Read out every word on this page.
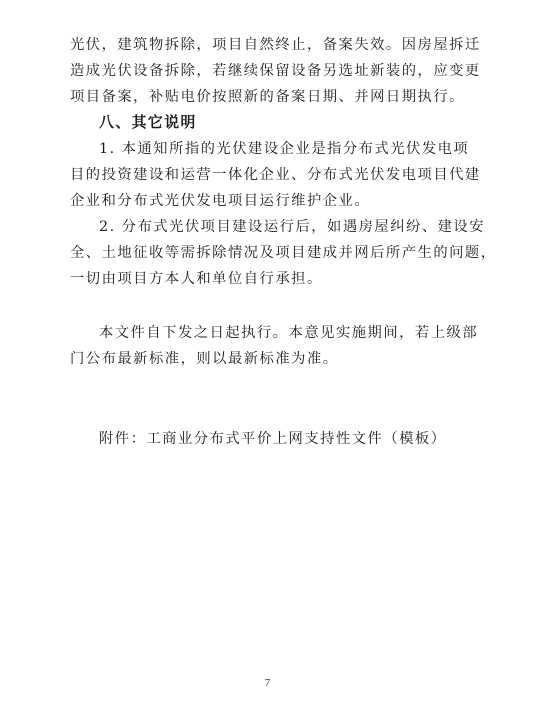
光伏，建筑物拆除，项目自然终止，备案失效。因房屋拆迁
造成光伏设备拆除，若继续保留设备另选址新装的，应变更
项目备案，补贴电价按照新的备案日期、并网日期执行。

八、其它说明

1. 本通知所指的光伏建设企业是指分布式光伏发电项
目的投资建设和运营一体化企业、分布式光伏发电项目代建
企业和分布式光伏发电项目运行维护企业。

2. 分布式光伏项目建设运行后，如遇房屋纠纷、建设安
全、土地征收等需拆除情况及项目建成并网后所产生的问题，
一切由项目方本人和单位自行承担。

本文件自下发之日起执行。本意见实施期间，若上级部
门公布最新标准，则以最新标准为准。

附件：工商业分布式平价上网支持性文件（模板）

7
